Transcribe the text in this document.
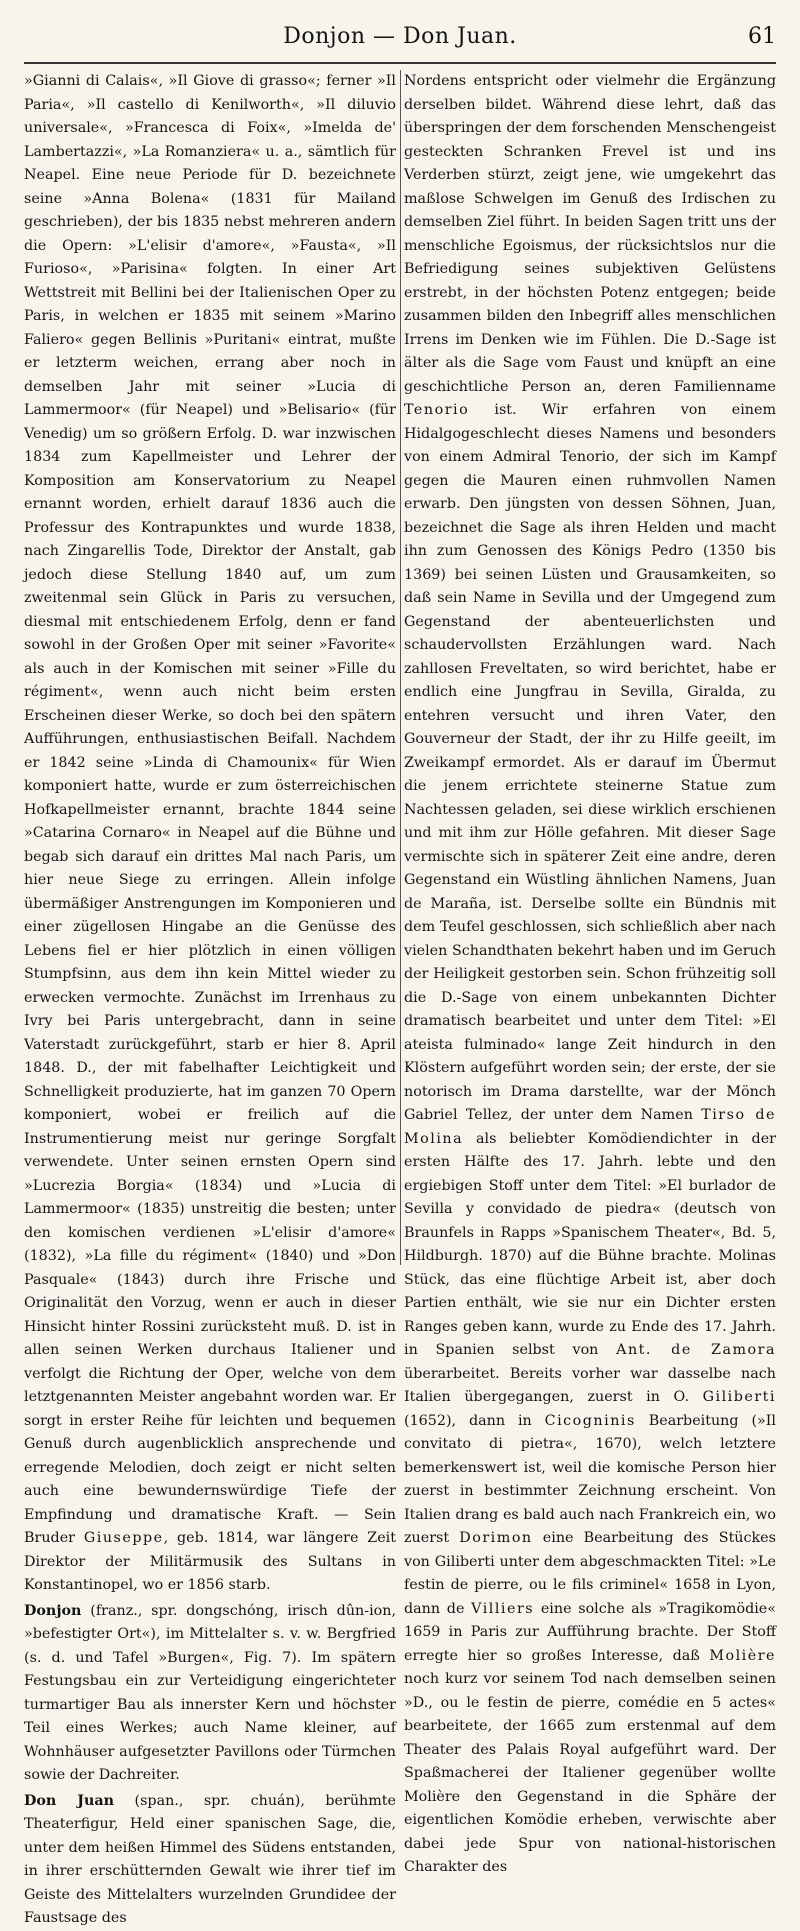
Donjon — Don Juan.	61

»Gianni di Calais«, »Il Giove di grasso«; ferner »Il Paria«, »Il castello di Kenilworth«, »Il diluvio universale«, »Francesca di Foix«, »Imelda de' Lambertazzi«, »La Romanziera« u. a., sämtlich für Neapel. Eine neue Periode für D. bezeichnete seine »Anna Bolena« (1831 für Mailand geschrieben), der bis 1835 nebst mehreren andern die Opern: »L'elisir d'amore«, »Fausta«, »Il Furioso«, »Parisina« folgten. In einer Art Wettstreit mit Bellini bei der Italienischen Oper zu Paris, in welchen er 1835 mit seinem »Marino Faliero« gegen Bellinis »Puritani« eintrat, mußte er letzterm weichen, errang aber noch in demselben Jahr mit seiner »Lucia di Lammermoor« (für Neapel) und »Belisario« (für Venedig) um so größern Erfolg. D. war inzwischen 1834 zum Kapellmeister und Lehrer der Komposition am Konservatorium zu Neapel ernannt worden, erhielt darauf 1836 auch die Professur des Kontrapunktes und wurde 1838, nach Zingarellis Tode, Direktor der Anstalt, gab jedoch diese Stellung 1840 auf, um zum zweitenmal sein Glück in Paris zu versuchen, diesmal mit entschiedenem Erfolg, denn er fand sowohl in der Großen Oper mit seiner »Favorite« als auch in der Komischen mit seiner »Fille du régiment«, wenn auch nicht beim ersten Erscheinen dieser Werke, so doch bei den spätern Aufführungen, enthusiastischen Beifall. Nachdem er 1842 seine »Linda di Chamounix« für Wien komponiert hatte, wurde er zum österreichischen Hofkapellmeister ernannt, brachte 1844 seine »Catarina Cornaro« in Neapel auf die Bühne und begab sich darauf ein drittes Mal nach Paris, um hier neue Siege zu erringen. Allein infolge übermäßiger Anstrengungen im Komponieren und einer zügellosen Hingabe an die Genüsse des Lebens fiel er hier plötzlich in einen völligen Stumpfsinn, aus dem ihn kein Mittel wieder zu erwecken vermochte. Zunächst im Irrenhaus zu Ivry bei Paris untergebracht, dann in seine Vaterstadt zurückgeführt, starb er hier 8. April 1848. D., der mit fabelhafter Leichtigkeit und Schnelligkeit produzierte, hat im ganzen 70 Opern komponiert, wobei er freilich auf die Instrumentierung meist nur geringe Sorgfalt verwendete. Unter seinen ernsten Opern sind »Lucrezia Borgia« (1834) und »Lucia di Lammermoor« (1835) unstreitig die besten; unter den komischen verdienen »L'elisir d'amore« (1832), »La fille du régiment« (1840) und »Don Pasquale« (1843) durch ihre Frische und Originalität den Vorzug, wenn er auch in dieser Hinsicht hinter Rossini zurücksteht muß. D. ist in allen seinen Werken durchaus Italiener und verfolgt die Richtung der Oper, welche von dem letztgenannten Meister angebahnt worden war. Er sorgt in erster Reihe für leichten und bequemen Genuß durch augenblicklich ansprechende und erregende Melodien, doch zeigt er nicht selten auch eine bewundernswürdige Tiefe der Empfindung und dramatische Kraft. — Sein Bruder Giuseppe, geb. 1814, war längere Zeit Direktor der Militärmusik des Sultans in Konstantinopel, wo er 1856 starb.

Donjon (franz., spr. dongschóng, irisch dûn-ion, »befestigter Ort«), im Mittelalter s. v. w. Bergfried (s. d. und Tafel »Burgen«, Fig. 7). Im spätern Festungsbau ein zur Verteidigung eingerichteter turmartiger Bau als innerster Kern und höchster Teil eines Werkes; auch Name kleiner, auf Wohnhäuser aufgesetzter Pavillons oder Türmchen sowie der Dachreiter.

Don Juan (span., spr. chuán), berühmte Theaterfigur, Held einer spanischen Sage, die, unter dem heißen Himmel des Südens entstanden, in ihrer erschütternden Gewalt wie ihrer tief im Geiste des Mittelalters wurzelnden Grundidee der Faustsage des

Nordens entspricht oder vielmehr die Ergänzung derselben bildet. Während diese lehrt, daß das überspringen der dem forschenden Menschengeist gesteckten Schranken Frevel ist und ins Verderben stürzt, zeigt jene, wie umgekehrt das maßlose Schwelgen im Genuß des Irdischen zu demselben Ziel führt. In beiden Sagen tritt uns der menschliche Egoismus, der rücksichtslos nur die Befriedigung seines subjektiven Gelüstens erstrebt, in der höchsten Potenz entgegen; beide zusammen bilden den Inbegriff alles menschlichen Irrens im Denken wie im Fühlen. Die D.-Sage ist älter als die Sage vom Faust und knüpft an eine geschichtliche Person an, deren Familienname Tenorio ist. Wir erfahren von einem Hidalgogeschlecht dieses Namens und besonders von einem Admiral Tenorio, der sich im Kampf gegen die Mauren einen ruhmvollen Namen erwarb. Den jüngsten von dessen Söhnen, Juan, bezeichnet die Sage als ihren Helden und macht ihn zum Genossen des Königs Pedro (1350 bis 1369) bei seinen Lüsten und Grausamkeiten, so daß sein Name in Sevilla und der Umgegend zum Gegenstand der abenteuerlichsten und schaudervollsten Erzählungen ward. Nach zahllosen Freveltaten, so wird berichtet, habe er endlich eine Jungfrau in Sevilla, Giralda, zu entehren versucht und ihren Vater, den Gouverneur der Stadt, der ihr zu Hilfe geeilt, im Zweikampf ermordet. Als er darauf im Übermut die jenem errichtete steinerne Statue zum Nachtessen geladen, sei diese wirklich erschienen und mit ihm zur Hölle gefahren. Mit dieser Sage vermischte sich in späterer Zeit eine andre, deren Gegenstand ein Wüstling ähnlichen Namens, Juan de Maraña, ist. Derselbe sollte ein Bündnis mit dem Teufel geschlossen, sich schließlich aber nach vielen Schandthaten bekehrt haben und im Geruch der Heiligkeit gestorben sein. Schon frühzeitig soll die D.-Sage von einem unbekannten Dichter dramatisch bearbeitet und unter dem Titel: »El ateista fulminado« lange Zeit hindurch in den Klöstern aufgeführt worden sein; der erste, der sie notorisch im Drama darstellte, war der Mönch Gabriel Tellez, der unter dem Namen Tirso de Molina als beliebter Komödiendichter in der ersten Hälfte des 17. Jahrh. lebte und den ergiebigen Stoff unter dem Titel: »El burlador de Sevilla y convidado de piedra« (deutsch von Braunfels in Rapps »Spanischem Theater«, Bd. 5, Hildburgh. 1870) auf die Bühne brachte. Molinas Stück, das eine flüchtige Arbeit ist, aber doch Partien enthält, wie sie nur ein Dichter ersten Ranges geben kann, wurde zu Ende des 17. Jahrh. in Spanien selbst von Ant. de Zamora überarbeitet. Bereits vorher war dasselbe nach Italien übergegangen, zuerst in O. Giliberti (1652), dann in Cicogninis Bearbeitung (»Il convitato di pietra«, 1670), welch letztere bemerkenswert ist, weil die komische Person hier zuerst in bestimmter Zeichnung erscheint. Von Italien drang es bald auch nach Frankreich ein, wo zuerst Dorimon eine Bearbeitung des Stückes von Giliberti unter dem abgeschmackten Titel: »Le festin de pierre, ou le fils criminel« 1658 in Lyon, dann de Villiers eine solche als »Tragikomödie« 1659 in Paris zur Aufführung brachte. Der Stoff erregte hier so großes Interesse, daß Molière noch kurz vor seinem Tod nach demselben seinen »D., ou le festin de pierre, comédie en 5 actes« bearbeitete, der 1665 zum erstenmal auf dem Theater des Palais Royal aufgeführt ward. Der Spaßmacherei der Italiener gegenüber wollte Molière den Gegenstand in die Sphäre der eigentlichen Komödie erheben, verwischte aber dabei jede Spur von national-historischen Charakter des
